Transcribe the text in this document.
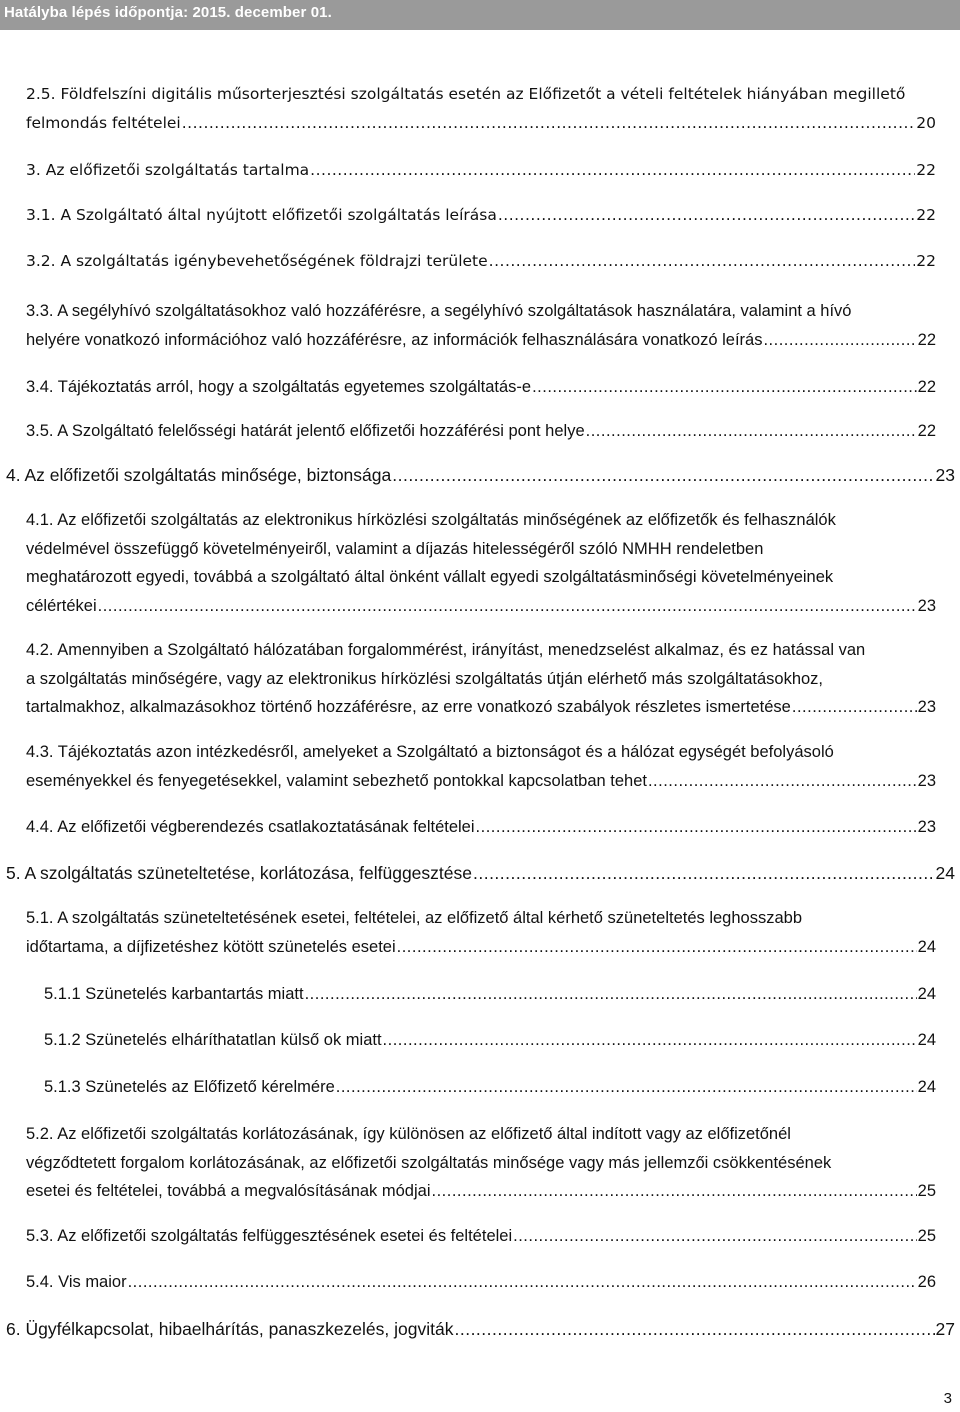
Hatályba lépés időpontja: 2015. december 01.
2.5. Földfelszíni digitális műsorterjesztési szolgáltatás esetén az Előfizetőt a vételi feltételek hiányában megillető
felmondás feltételei .....	20
3. Az előfizetői szolgáltatás tartalma .....	22
3.1. A Szolgáltató által nyújtott előfizetői szolgáltatás leírása .....	22
3.2. A szolgáltatás igénybevehetőségének földrajzi területe .....	22
3.3. A segélyhívó szolgáltatásokhoz való hozzáférésre, a segélyhívó szolgáltatások használatára, valamint a hívó
helyére vonatkozó információhoz való hozzáférésre, az információk felhasználására vonatkozó leírás .....	22
3.4. Tájékoztatás arról, hogy a szolgáltatás egyetemes szolgáltatás-e .....	22
3.5. A Szolgáltató felelősségi határát jelentő előfizetői hozzáférési pont helye .....	22
4. Az előfizetői szolgáltatás minősége, biztonsága .....	23
4.1. Az előfizetői szolgáltatás az elektronikus hírközlési szolgáltatás minőségének az előfizetők és felhasználók
védelmével összefüggő követelményeiről, valamint a díjazás hitelességéről szóló NMHH rendeletben
meghatározott egyedi, továbbá a szolgáltató által önként vállalt egyedi szolgáltatásminőségi követelményeinek
célértékei .....	23
4.2. Amennyiben a Szolgáltató hálózatában forgalommérést, irányítást, menedzselést alkalmaz, és ez hatással van
a szolgáltatás minőségére, vagy az elektronikus hírközlési szolgáltatás útján elérhető más szolgáltatásokhoz,
tartalmakhoz, alkalmazásokhoz történő hozzáférésre, az erre vonatkozó szabályok részletes ismertetése .....	23
4.3. Tájékoztatás azon intézkedésről, amelyeket a Szolgáltató a biztonságot és a hálózat egységét befolyásoló
eseményekkel és fenyegetésekkel, valamint sebezhető pontokkal kapcsolatban tehet .....	23
4.4. Az előfizetői végberendezés csatlakoztatásának feltételei .....	23
5. A szolgáltatás szüneteltetése, korlátozása, felfüggesztése .....	24
5.1. A szolgáltatás szüneteltetésének esetei, feltételei, az előfizető által kérhető szüneteltetés leghosszabb
időtartama, a díjfizetéshez kötött szünetelés esetei .....	24
5.1.1 Szünetelés karbantartás miatt .....	24
5.1.2 Szünetelés elháríthatatlan külső ok miatt .....	24
5.1.3 Szünetelés az Előfizető kérelmére .....	24
5.2. Az előfizetői szolgáltatás korlátozásának, így különösen az előfizető által indított vagy az előfizetőnél
végződtetett forgalom korlátozásának, az előfizetői szolgáltatás minősége vagy más jellemzői csökkentésének
esetei és feltételei, továbbá a megvalósításának módjai .....	25
5.3. Az előfizetői szolgáltatás felfüggesztésének esetei és feltételei .....	25
5.4. Vis maior .....	26
6. Ügyfélkapcsolat, hibaelhárítás, panaszkezelés, jogviták .....	27
3
